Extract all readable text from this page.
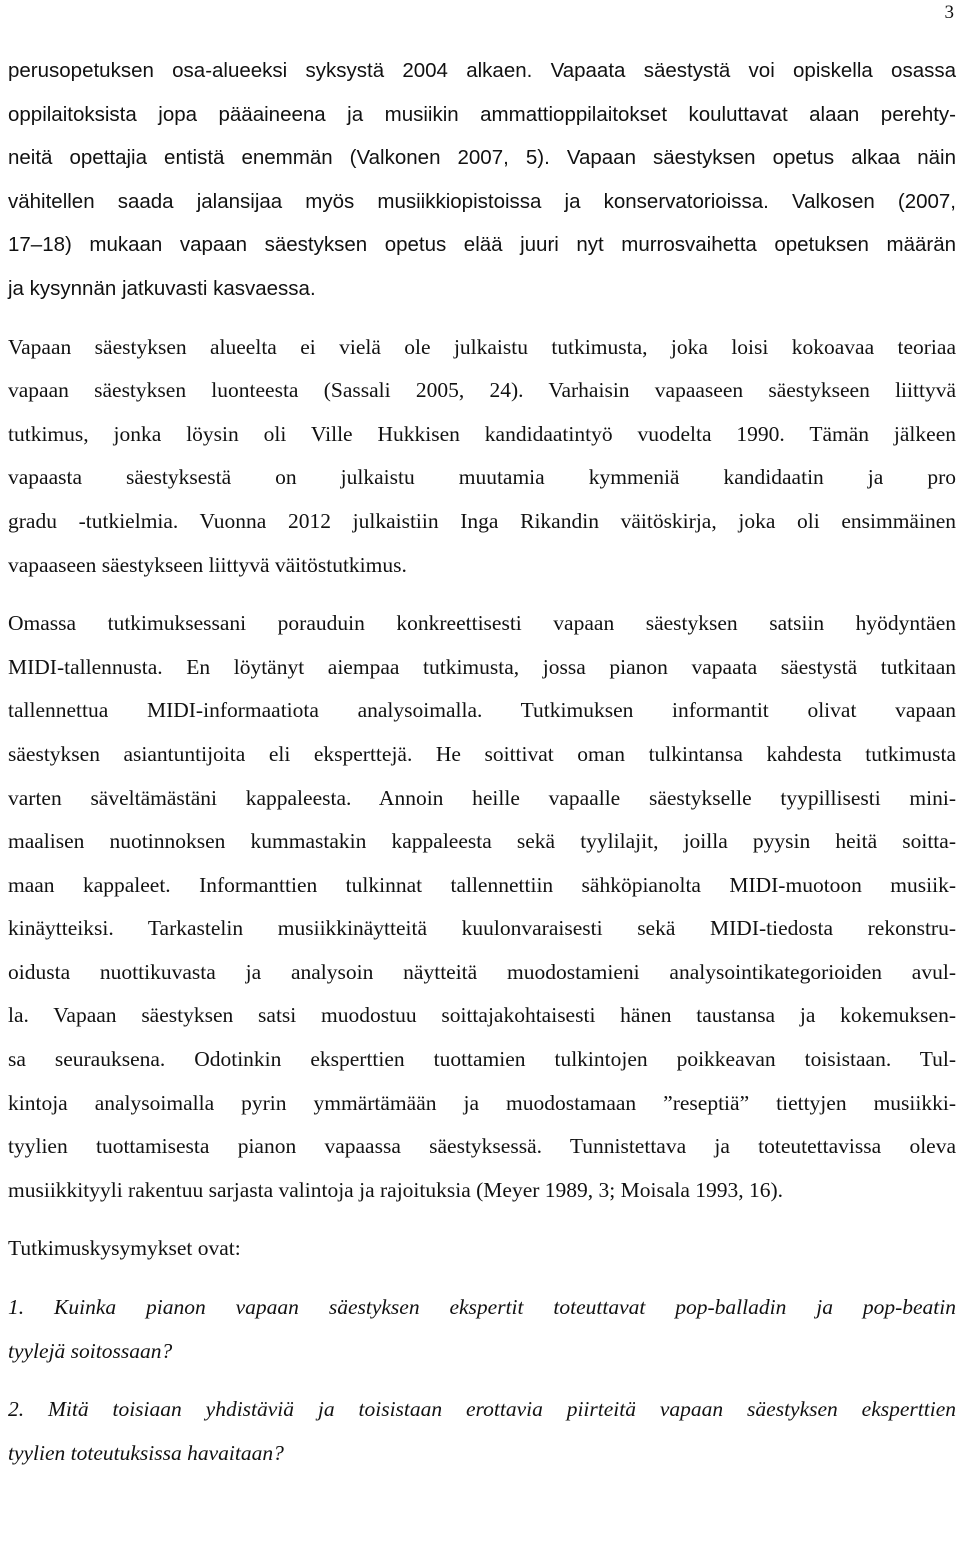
3
perusopetuksen osa-alueeksi syksystä 2004 alkaen. Vapaata säestystä voi opiskella osassa
oppilaitoksista jopa pääaineena ja musiikin ammattioppilaitokset kouluttavat alaan perehty-
neitä opettajia entistä enemmän (Valkonen 2007, 5). Vapaan säestyksen opetus alkaa näin
vähitellen saada jalansijaa myös musiikkiopistoissa ja konservatorioissa. Valkosen (2007,
17–18) mukaan vapaan säestyksen opetus elää juuri nyt murrosvaihetta opetuksen määrän
ja kysynnän jatkuvasti kasvaessa.
Vapaan säestyksen alueelta ei vielä ole julkaistu tutkimusta, joka loisi kokoavaa teoriaa
vapaan säestyksen luonteesta (Sassali 2005, 24). Varhaisin vapaaseen säestykseen liittyvä
tutkimus, jonka löysin oli Ville Hukkisen kandidaatintyö vuodelta 1990. Tämän jälkeen
vapaasta säestyksestä on julkaistu muutamia kymmeniä kandidaatin ja pro
gradu -tutkielmia. Vuonna 2012 julkaistiin Inga Rikandin väitöskirja, joka oli ensimmäinen
vapaaseen säestykseen liittyvä väitöstutkimus.
Omassa tutkimuksessani porauduin konkreettisesti vapaan säestyksen satsiin hyödyntäen
MIDI-tallennusta. En löytänyt aiempaa tutkimusta, jossa pianon vapaata säestystä tutkitaan
tallennettua MIDI-informaatiota analysoimalla. Tutkimuksen informantit olivat vapaan
säestyksen asiantuntijoita eli eksperttejä. He soittivat oman tulkintansa kahdesta tutkimusta
varten säveltämästäni kappaleesta. Annoin heille vapaalle säestykselle tyypillisesti mini-
maalisen nuotinnoksen kummastakin kappaleesta sekä tyylilajit, joilla pyysin heitä soitta-
maan kappaleet. Informanttien tulkinnat tallennettiin sähköpianolta MIDI-muotoon musiik-
kinäytteiksi. Tarkastelin musiikkinäytteitä kuulonvaraisesti sekä MIDI-tiedosta rekonstru-
oidusta nuottikuvasta ja analysoin näytteitä muodostamieni analysointikategorioiden avul-
la. Vapaan säestyksen satsi muodostuu soittajakohtaisesti hänen taustansa ja kokemuksen-
sa seurauksena. Odotinkin eksperttien tuottamien tulkintojen poikkeavan toisistaan. Tul-
kintoja analysoimalla pyrin ymmärtämään ja muodostamaan ”reseptiä” tiettyjen musiikki-
tyylien tuottamisesta pianon vapaassa säestyksessä. Tunnistettava ja toteutettavissa oleva
musiikkityyli rakentuu sarjasta valintoja ja rajoituksia (Meyer 1989, 3; Moisala 1993, 16).
Tutkimuskysymykset ovat:
1. Kuinka pianon vapaan säestyksen ekspertit toteuttavat pop-balladin ja pop-beatin
tyylejä soitossaan?
2. Mitä toisiaan yhdistäviä ja toisistaan erottavia piirteitä vapaan säestyksen eksperttien
tyylien toteutuksissa havaitaan?
